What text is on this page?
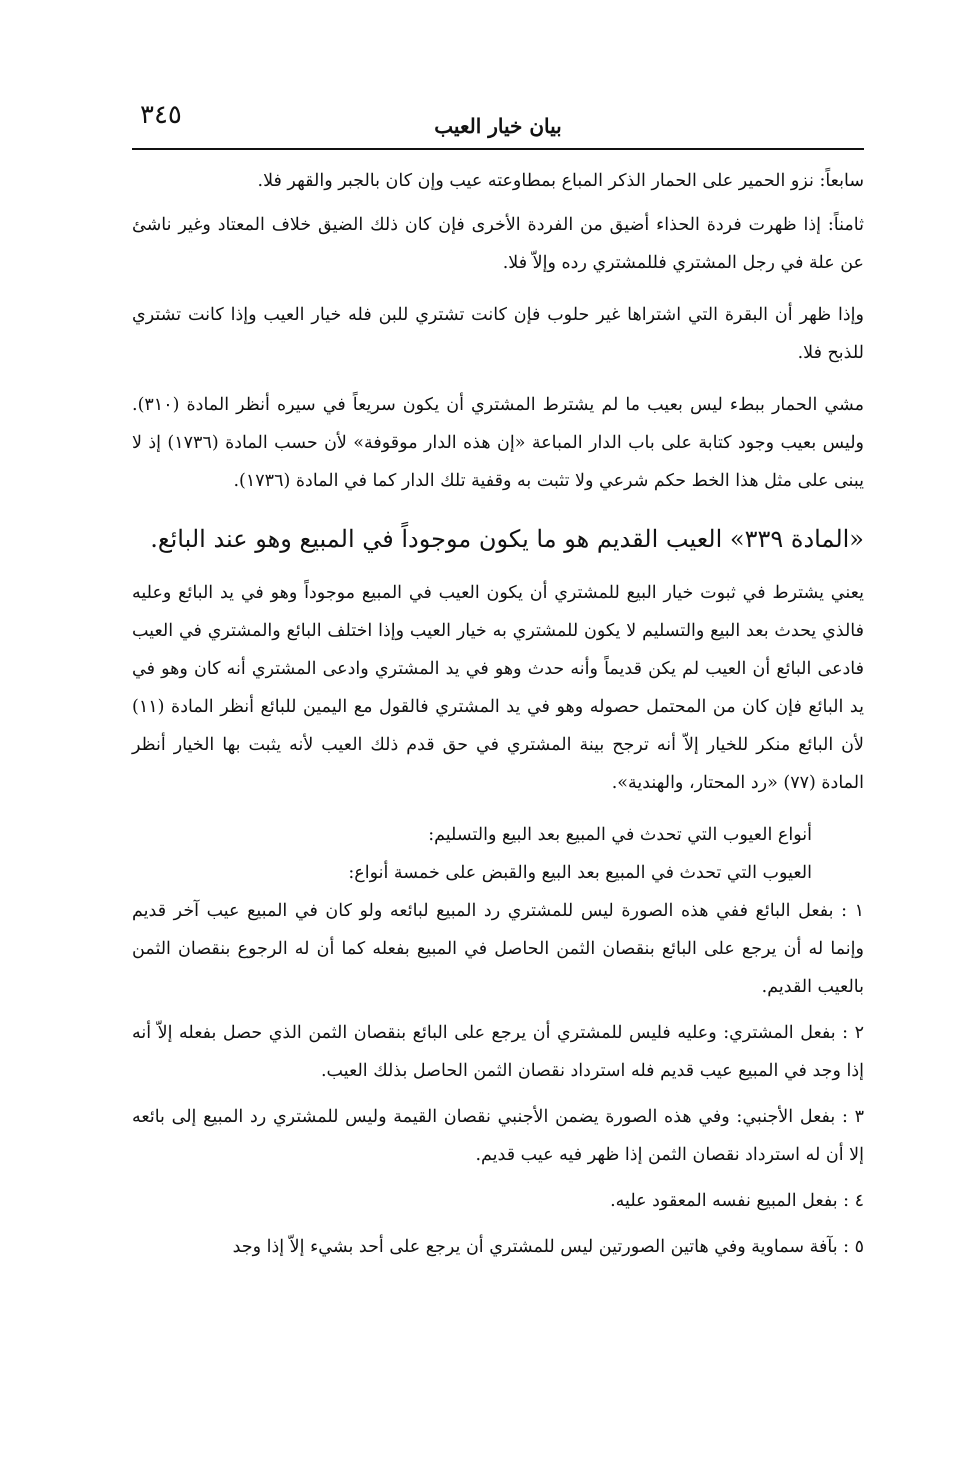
٣٤٥	بيان خيار العيب

سابعاً: نزو الحمير على الحمار الذكر المباع بمطاوعته عيب وإن كان بالجبر والقهر فلا.

ثامناً: إذا ظهرت فردة الحذاء أضيق من الفردة الأخرى فإن كان ذلك الضيق خلاف المعتاد وغير ناشئ عن علة في رجل المشتري فللمشتري رده وإلاّ فلا.

وإذا ظهر أن البقرة التي اشتراها غير حلوب فإن كانت تشتري للبن فله خيار العيب وإذا كانت تشتري للذبح فلا.

مشي الحمار ببطء ليس بعيب ما لم يشترط المشتري أن يكون سريعاً في سيره أنظر المادة (٣١٠). وليس بعيب وجود كتابة على باب الدار المباعة «إن هذه الدار موقوفة» لأن حسب المادة (١٧٣٦) إذ لا يبنى على مثل هذا الخط حكم شرعي ولا تثبت به وقفية تلك الدار كما في المادة (١٧٣٦).

«المادة ٣٣٩» العيب القديم هو ما يكون موجوداً في المبيع وهو عند البائع.

يعني يشترط في ثبوت خيار البيع للمشتري أن يكون العيب في المبيع موجوداً وهو في يد البائع وعليه فالذي يحدث بعد البيع والتسليم لا يكون للمشتري به خيار العيب وإذا اختلف البائع والمشتري في العيب فادعى البائع أن العيب لم يكن قديماً وأنه حدث وهو في يد المشتري وادعى المشتري أنه كان وهو في يد البائع فإن كان من المحتمل حصوله وهو في يد المشتري فالقول مع اليمين للبائع أنظر المادة (١١) لأن البائع منكر للخيار إلاّ أنه ترجح بينة المشتري في حق قدم ذلك العيب لأنه يثبت بها الخيار أنظر المادة (٧٧) «رد المحتار، والهندية».

أنواع العيوب التي تحدث في المبيع بعد البيع والتسليم:

العيوب التي تحدث في المبيع بعد البيع والقبض على خمسة أنواع:

١ : بفعل البائع ففي هذه الصورة ليس للمشتري رد المبيع لبائعه ولو كان في المبيع عيب آخر قديم وإنما له أن يرجع على البائع بنقصان الثمن الحاصل في المبيع بفعله كما أن له الرجوع بنقصان الثمن بالعيب القديم.

٢ : بفعل المشتري: وعليه فليس للمشتري أن يرجع على البائع بنقصان الثمن الذي حصل بفعله إلاّ أنه إذا وجد في المبيع عيب قديم فله استرداد نقصان الثمن الحاصل بذلك العيب.

٣ : بفعل الأجنبي: وفي هذه الصورة يضمن الأجنبي نقصان القيمة وليس للمشتري رد المبيع إلى بائعه إلا أن له استرداد نقصان الثمن إذا ظهر فيه عيب قديم.

٤ : بفعل المبيع نفسه المعقود عليه.

٥ : بآفة سماوية وفي هاتين الصورتين ليس للمشتري أن يرجع على أحد بشيء إلاّ إذا وجد
